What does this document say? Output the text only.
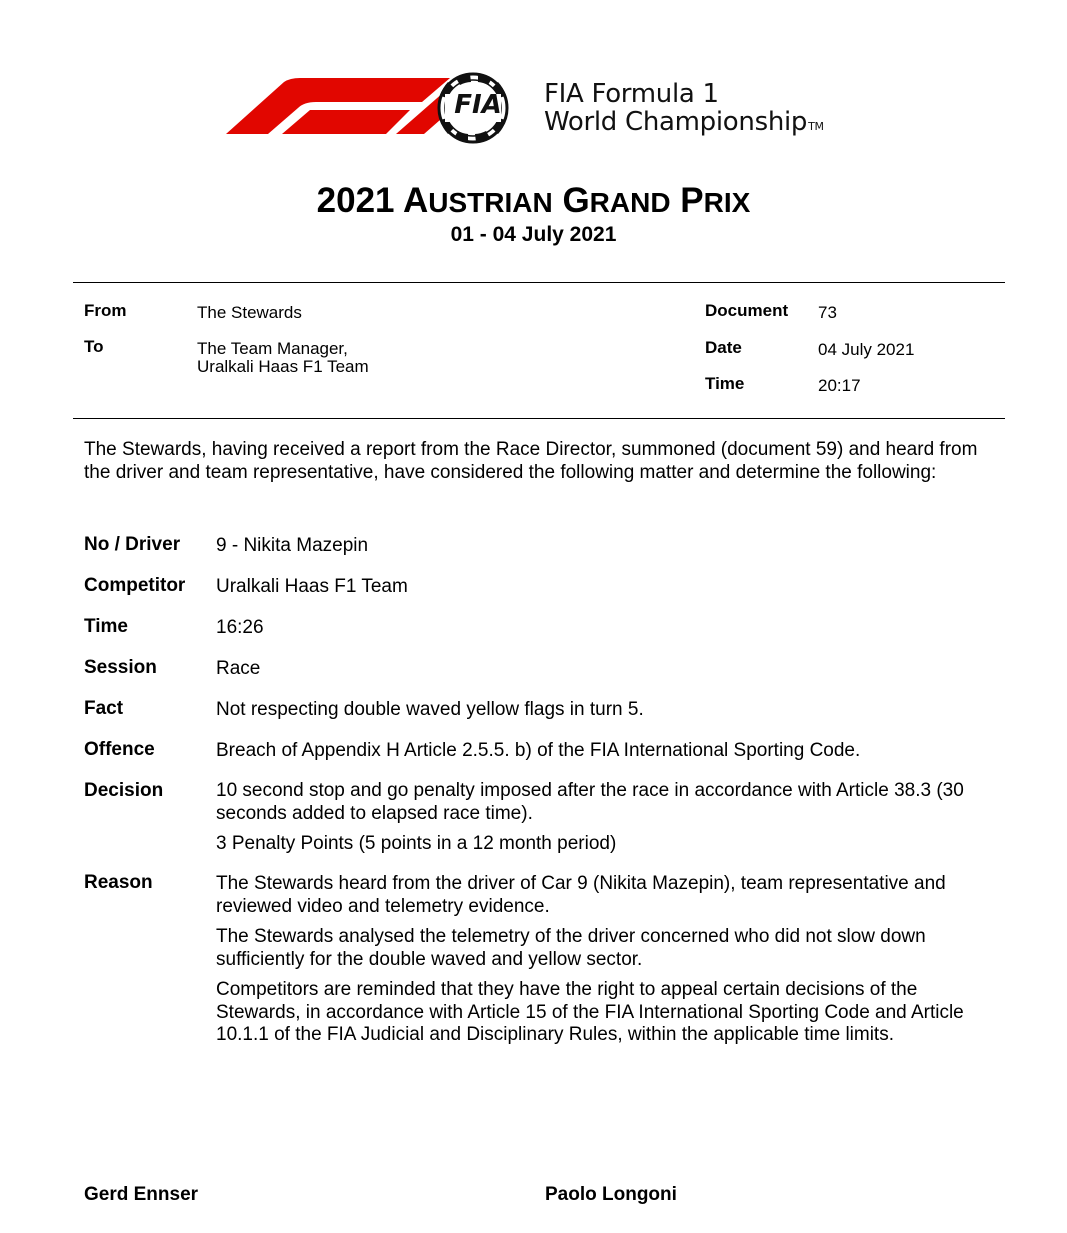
FIA FIA Formula 1
World ChampionshipTM
2021 AUSTRIAN GRAND PRIX
01 - 04 July 2021
From	The Stewards
To	The Team Manager,
Uralkali Haas F1 Team
Document 73
Date	04 July 2021
Time	20:17
The Stewards, having received a report from the Race Director, summoned (document 59) and heard from the driver and team representative, have considered the following matter and determine the following:
No / Driver 9 - Nikita Mazepin
Competitor Uralkali Haas F1 Team
Time	16:26
Session	Race
Fact	Not respecting double waved yellow flags in turn 5.
Offence	Breach of Appendix H Article 2.5.5. b) of the FIA International Sporting Code.
Decision	10 second stop and go penalty imposed after the race in accordance with Article 38.3 (30 seconds added to elapsed race time).
3 Penalty Points (5 points in a 12 month period)
Reason	The Stewards heard from the driver of Car 9 (Nikita Mazepin), team representative and reviewed video and telemetry evidence.
The Stewards analysed the telemetry of the driver concerned who did not slow down sufficiently for the double waved and yellow sector.
Competitors are reminded that they have the right to appeal certain decisions of the Stewards, in accordance with Article 15 of the FIA International Sporting Code and Article 10.1.1 of the FIA Judicial and Disciplinary Rules, within the applicable time limits.
Gerd Ennser	Paolo Longoni
